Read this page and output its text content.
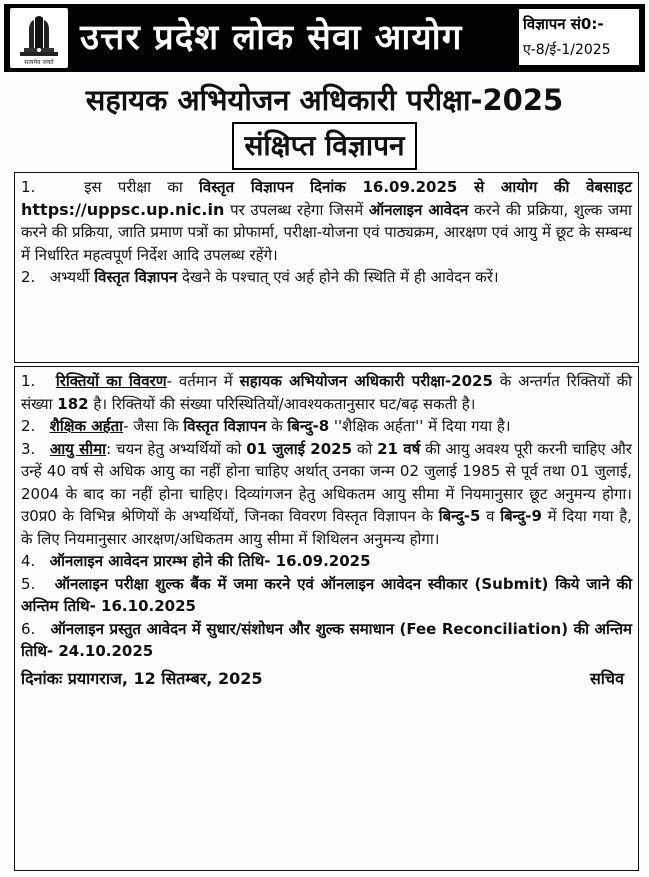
सत्यमेव जयते
उत्तर प्रदेश लोक सेवा आयोग	विज्ञापन सं0:-
ए-8/ई-1/2025
सहायक अभियोजन अधिकारी परीक्षा-2025
संक्षिप्त विज्ञापन

1.	इस परीक्षा का विस्तृत विज्ञापन दिनांक 16.09.2025 से आयोग की वेबसाइट https://uppsc.up.nic.in पर उपलब्ध रहेगा जिसमें ऑनलाइन आवेदन करने की प्रक्रिया, शुल्क जमा करने की प्रक्रिया, जाति प्रमाण पत्रों का प्रोफार्मा, परीक्षा-योजना एवं पाठ्यक्रम, आरक्षण एवं आयु में छूट के सम्बन्ध में निर्धारित महत्वपूर्ण निर्देश आदि उपलब्ध रहेंगे।

2. अभ्यर्थी विस्तृत विज्ञापन देखने के पश्चात् एवं अर्ह होने की स्थिति में ही आवेदन करें।

1. रिक्तियों का विवरण- वर्तमान में सहायक अभियोजन अधिकारी परीक्षा-2025 के अन्तर्गत रिक्तियों की संख्या 182 है। रिक्तियों की संख्या परिस्थितियों/आवश्यकतानुसार घट/बढ़ सकती है।

2. शैक्षिक अर्हता- जैसा कि विस्तृत विज्ञापन के बिन्दु-8 ''शैक्षिक अर्हता'' में दिया गया है।

3. आयु सीमा: चयन हेतु अभ्यर्थियों को 01 जुलाई 2025 को 21 वर्ष की आयु अवश्य पूरी करनी चाहिए और उन्हें 40 वर्ष से अधिक आयु का नहीं होना चाहिए अर्थात् उनका जन्म 02 जुलाई 1985 से पूर्व तथा 01 जुलाई, 2004 के बाद का नहीं होना चाहिए। दिव्यांगजन हेतु अधिकतम आयु सीमा में नियमानुसार छूट अनुमन्य होगा। उ0प्र0 के विभिन्न श्रेणियों के अभ्यर्थियों, जिनका विवरण विस्तृत विज्ञापन के बिन्दु-5 व बिन्दु-9 में दिया गया है, के लिए नियमानुसार आरक्षण/अधिकतम आयु सीमा में शिथिलन अनुमन्य होगा।

4. ऑनलाइन आवेदन प्रारम्भ होने की तिथि- 16.09.2025

5. ऑनलाइन परीक्षा शुल्क बैंक में जमा करने एवं ऑनलाइन आवेदन स्वीकार (Submit) किये जाने की अन्तिम तिथि- 16.10.2025

6. ऑनलाइन प्रस्तुत आवेदन में सुधार/संशोधन और शुल्क समाधान (Fee Reconciliation) की अन्तिम तिथि- 24.10.2025

दिनांकः प्रयागराज, 12 सितम्बर, 2025	सचिव
